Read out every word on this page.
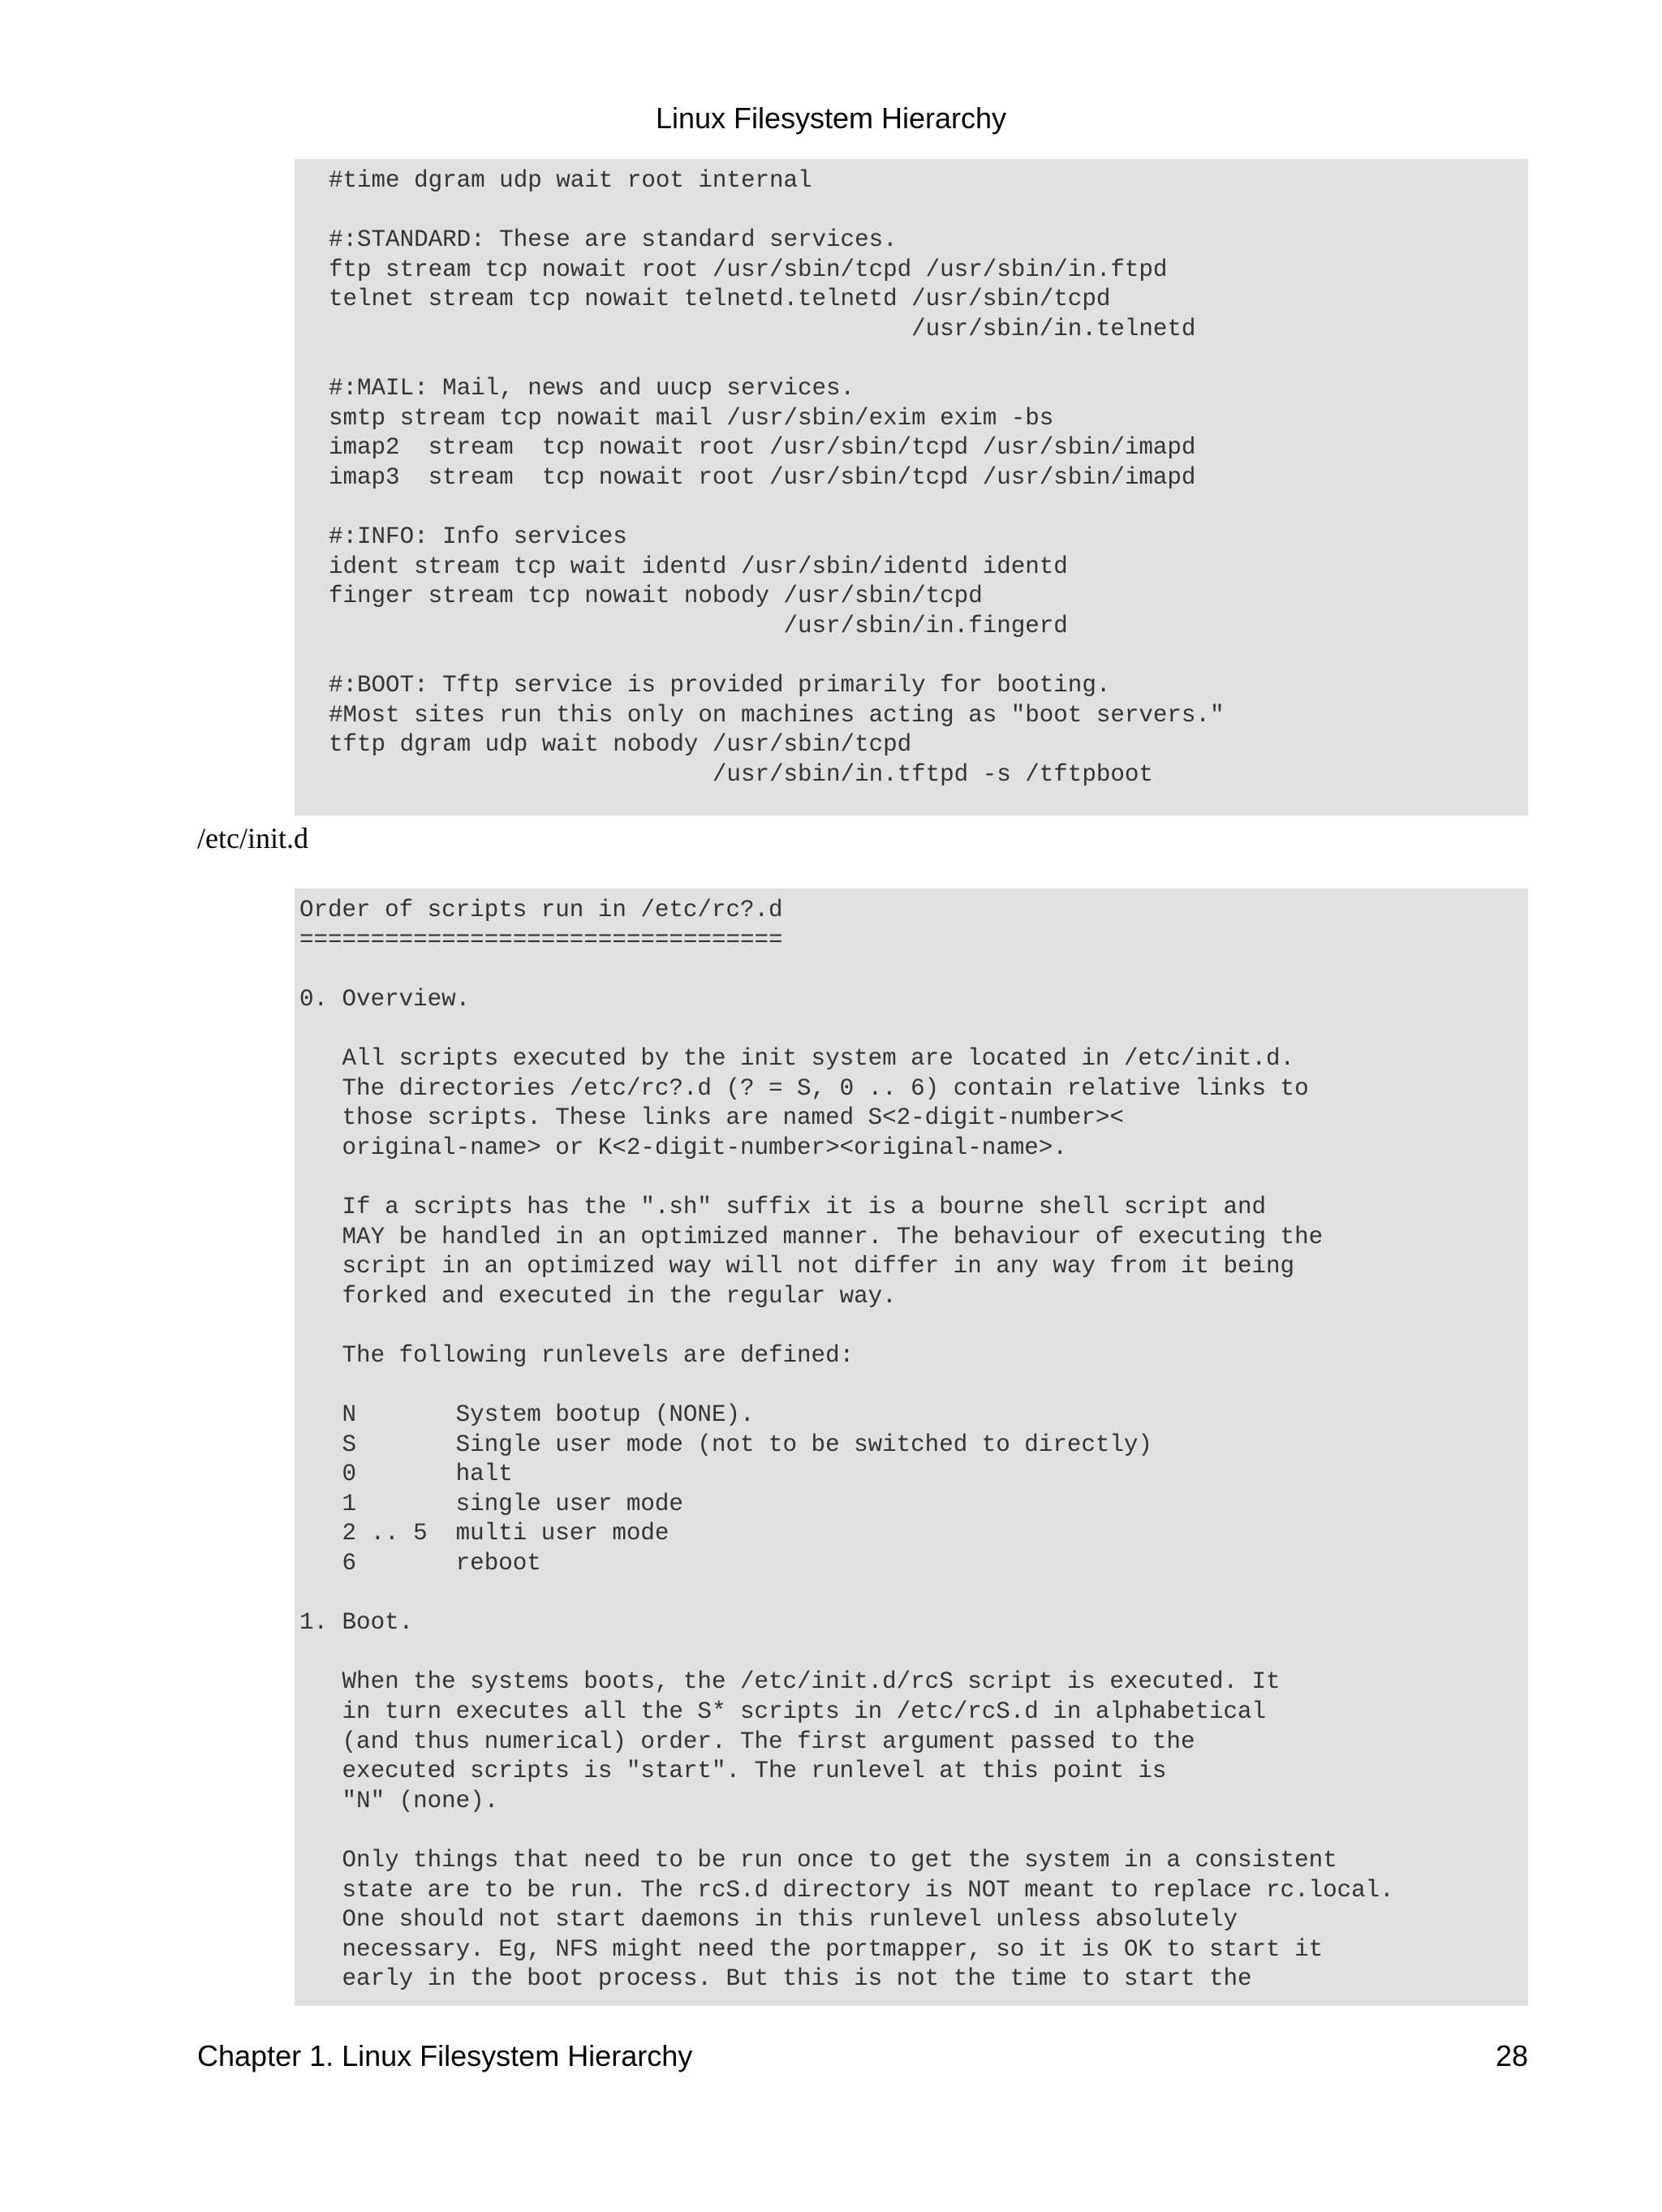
Linux Filesystem Hierarchy
#time dgram udp wait root internal

#:STANDARD: These are standard services.
ftp stream tcp nowait root /usr/sbin/tcpd /usr/sbin/in.ftpd
telnet stream tcp nowait telnetd.telnetd /usr/sbin/tcpd
/usr/sbin/in.telnetd

#:MAIL: Mail, news and uucp services.
smtp stream tcp nowait mail /usr/sbin/exim exim -bs
imap2  stream  tcp nowait root /usr/sbin/tcpd /usr/sbin/imapd
imap3  stream  tcp nowait root /usr/sbin/tcpd /usr/sbin/imapd

#:INFO: Info services
ident stream tcp wait identd /usr/sbin/identd identd
finger stream tcp nowait nobody /usr/sbin/tcpd
/usr/sbin/in.fingerd

#:BOOT: Tftp service is provided primarily for booting.
#Most sites run this only on machines acting as "boot servers."
tftp dgram udp wait nobody /usr/sbin/tcpd
/usr/sbin/in.tftpd -s /tftpboot
/etc/init.d
Order of scripts run in /etc/rc?.d
==================================

0. Overview.

All scripts executed by the init system are located in /etc/init.d.
The directories /etc/rc?.d (? = S, 0 .. 6) contain relative links to
those scripts. These links are named S<2-digit-number><
original-name> or K<2-digit-number><original-name>.

If a scripts has the ".sh" suffix it is a bourne shell script and
MAY be handled in an optimized manner. The behaviour of executing the
script in an optimized way will not differ in any way from it being
forked and executed in the regular way.

The following runlevels are defined:

N       System bootup (NONE).
S       Single user mode (not to be switched to directly)
0       halt
1       single user mode
2 .. 5  multi user mode
6       reboot

1. Boot.

When the systems boots, the /etc/init.d/rcS script is executed. It
in turn executes all the S* scripts in /etc/rcS.d in alphabetical
(and thus numerical) order. The first argument passed to the
executed scripts is "start". The runlevel at this point is
"N" (none).

Only things that need to be run once to get the system in a consistent
state are to be run. The rcS.d directory is NOT meant to replace rc.local.
One should not start daemons in this runlevel unless absolutely
necessary. Eg, NFS might need the portmapper, so it is OK to start it
early in the boot process. But this is not the time to start the
Chapter 1. Linux Filesystem Hierarchy	28
